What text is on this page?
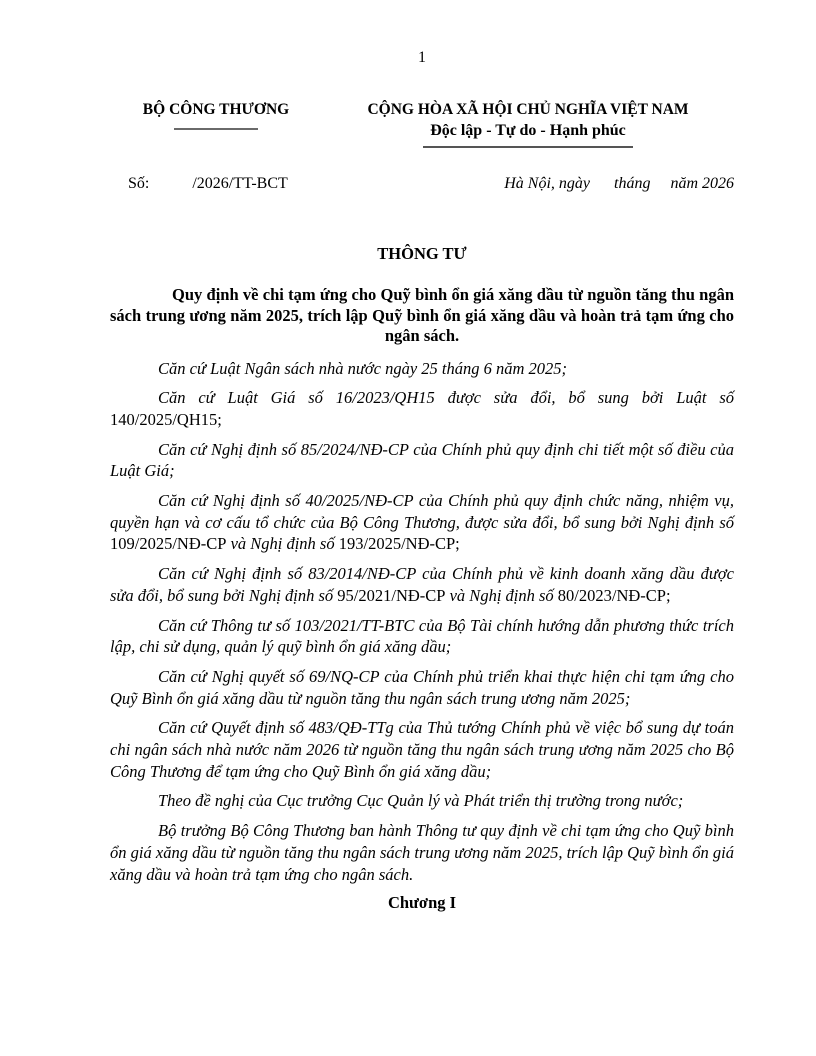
1
BỘ CÔNG THƯƠNG	CỘNG HÒA XÃ HỘI CHỦ NGHĨA VIỆT NAM
Độc lập - Tự do - Hạnh phúc
Số:	/2026/TT-BCT	Hà Nội, ngày      tháng     năm 2026
THÔNG TƯ
Quy định về chi tạm ứng cho Quỹ bình ổn giá xăng dầu từ nguồn tăng thu ngân sách trung ương năm 2025, trích lập Quỹ bình ổn giá xăng dầu và hoàn trả tạm ứng cho ngân sách.

Căn cứ Luật Ngân sách nhà nước ngày 25 tháng 6 năm 2025;

Căn cứ Luật Giá số 16/2023/QH15 được sửa đổi, bổ sung bởi Luật số 140/2025/QH15;

Căn cứ Nghị định số 85/2024/NĐ-CP của Chính phủ quy định chi tiết một số điều của Luật Giá;

Căn cứ Nghị định số 40/2025/NĐ-CP của Chính phủ quy định chức năng, nhiệm vụ, quyền hạn và cơ cấu tổ chức của Bộ Công Thương, được sửa đổi, bổ sung bởi Nghị định số 109/2025/NĐ-CP và Nghị định số 193/2025/NĐ-CP;

Căn cứ Nghị định số 83/2014/NĐ-CP của Chính phủ về kinh doanh xăng dầu được sửa đổi, bổ sung bởi Nghị định số 95/2021/NĐ-CP và Nghị định số 80/2023/NĐ-CP;

Căn cứ Thông tư số 103/2021/TT-BTC của Bộ Tài chính hướng dẫn phương thức trích lập, chi sử dụng, quản lý quỹ bình ổn giá xăng dầu;

Căn cứ Nghị quyết số 69/NQ-CP của Chính phủ triển khai thực hiện chi tạm ứng cho Quỹ Bình ổn giá xăng dầu từ nguồn tăng thu ngân sách trung ương năm 2025;

Căn cứ Quyết định số 483/QĐ-TTg của Thủ tướng Chính phủ về việc bổ sung dự toán chi ngân sách nhà nước năm 2026 từ nguồn tăng thu ngân sách trung ương năm 2025 cho Bộ Công Thương để tạm ứng cho Quỹ Bình ổn giá xăng dầu;

Theo đề nghị của Cục trưởng Cục Quản lý và Phát triển thị trường trong nước;

Bộ trưởng Bộ Công Thương ban hành Thông tư quy định về chi tạm ứng cho Quỹ bình ổn giá xăng dầu từ nguồn tăng thu ngân sách trung ương năm 2025, trích lập Quỹ bình ổn giá xăng dầu và hoàn trả tạm ứng cho ngân sách.

Chương I
